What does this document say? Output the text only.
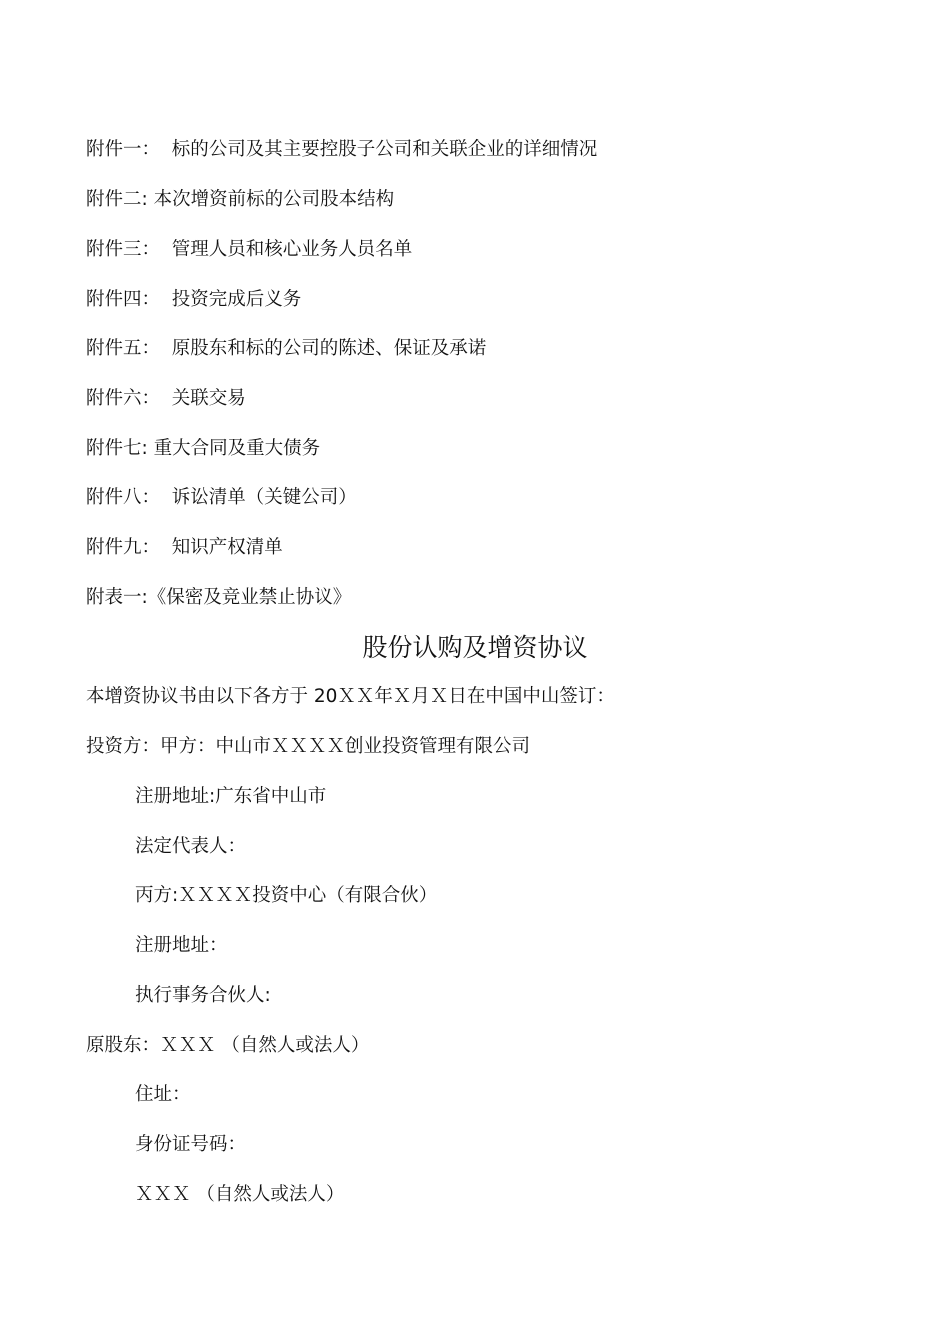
附件一：  标的公司及其主要控股子公司和关联企业的详细情况
附件二: 本次增资前标的公司股本结构
附件三：  管理人员和核心业务人员名单
附件四：  投资完成后义务
附件五：  原股东和标的公司的陈述、保证及承诺
附件六：  关联交易
附件七: 重大合同及重大债务
附件八：  诉讼清单（关键公司）
附件九：  知识产权清单
附表一:《保密及竞业禁止协议》
股份认购及增资协议
本增资协议书由以下各方于 20ＸＸ年Ｘ月Ｘ日在中国中山签订：
投资方：甲方：中山市ＸＸＸＸ创业投资管理有限公司
注册地址:广东省中山市
法定代表人：
丙方:ＸＸＸＸ投资中心（有限合伙）
注册地址：
执行事务合伙人:
原股东：ＸＸＸ （自然人或法人）
住址：
身份证号码：
ＸＸＸ （自然人或法人）
